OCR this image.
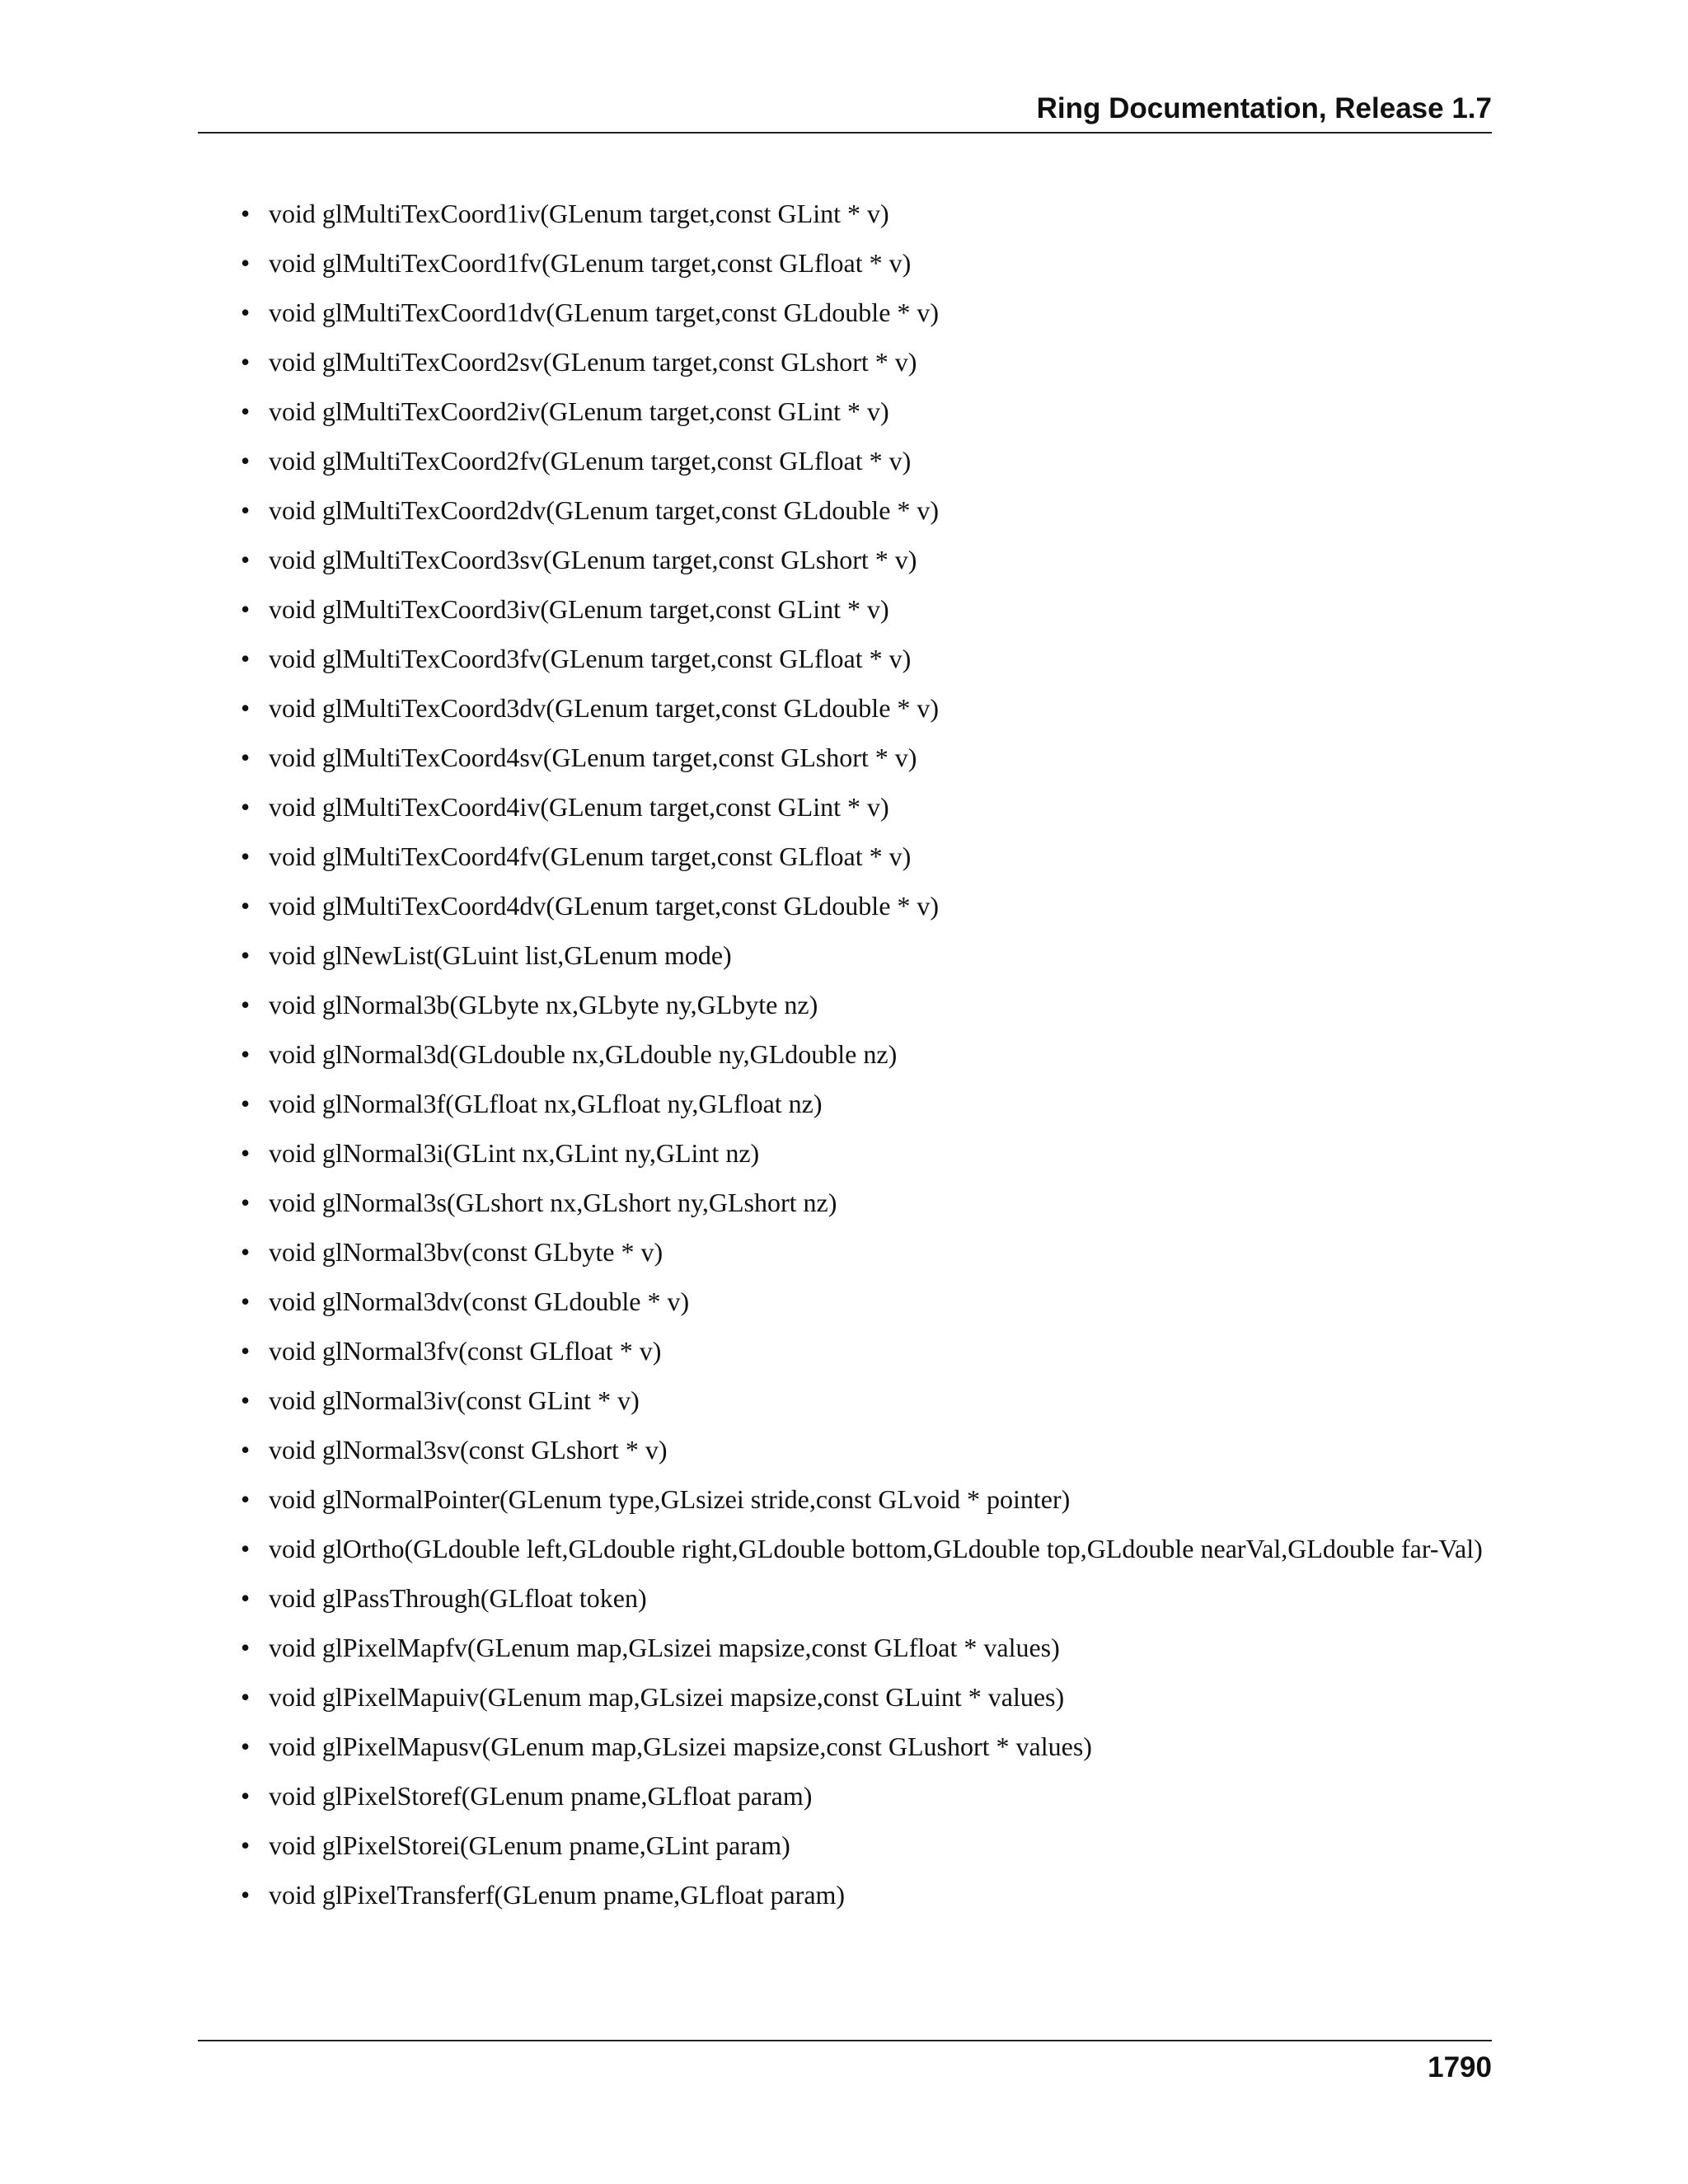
Ring Documentation, Release 1.7
• void glMultiTexCoord1iv(GLenum target,const GLint * v)
• void glMultiTexCoord1fv(GLenum target,const GLfloat * v)
• void glMultiTexCoord1dv(GLenum target,const GLdouble * v)
• void glMultiTexCoord2sv(GLenum target,const GLshort * v)
• void glMultiTexCoord2iv(GLenum target,const GLint * v)
• void glMultiTexCoord2fv(GLenum target,const GLfloat * v)
• void glMultiTexCoord2dv(GLenum target,const GLdouble * v)
• void glMultiTexCoord3sv(GLenum target,const GLshort * v)
• void glMultiTexCoord3iv(GLenum target,const GLint * v)
• void glMultiTexCoord3fv(GLenum target,const GLfloat * v)
• void glMultiTexCoord3dv(GLenum target,const GLdouble * v)
• void glMultiTexCoord4sv(GLenum target,const GLshort * v)
• void glMultiTexCoord4iv(GLenum target,const GLint * v)
• void glMultiTexCoord4fv(GLenum target,const GLfloat * v)
• void glMultiTexCoord4dv(GLenum target,const GLdouble * v)
• void glNewList(GLuint list,GLenum mode)
• void glNormal3b(GLbyte nx,GLbyte ny,GLbyte nz)
• void glNormal3d(GLdouble nx,GLdouble ny,GLdouble nz)
• void glNormal3f(GLfloat nx,GLfloat ny,GLfloat nz)
• void glNormal3i(GLint nx,GLint ny,GLint nz)
• void glNormal3s(GLshort nx,GLshort ny,GLshort nz)
• void glNormal3bv(const GLbyte * v)
• void glNormal3dv(const GLdouble * v)
• void glNormal3fv(const GLfloat * v)
• void glNormal3iv(const GLint * v)
• void glNormal3sv(const GLshort * v)
• void glNormalPointer(GLenum type,GLsizei stride,const GLvoid * pointer)
• void glOrtho(GLdouble left,GLdouble right,GLdouble bottom,GLdouble top,GLdouble nearVal,GLdouble far-Val)
• void glPassThrough(GLfloat token)
• void glPixelMapfv(GLenum map,GLsizei mapsize,const GLfloat * values)
• void glPixelMapuiv(GLenum map,GLsizei mapsize,const GLuint * values)
• void glPixelMapusv(GLenum map,GLsizei mapsize,const GLushort * values)
• void glPixelStoref(GLenum pname,GLfloat param)
• void glPixelStorei(GLenum pname,GLint param)
• void glPixelTransferf(GLenum pname,GLfloat param)
1790
